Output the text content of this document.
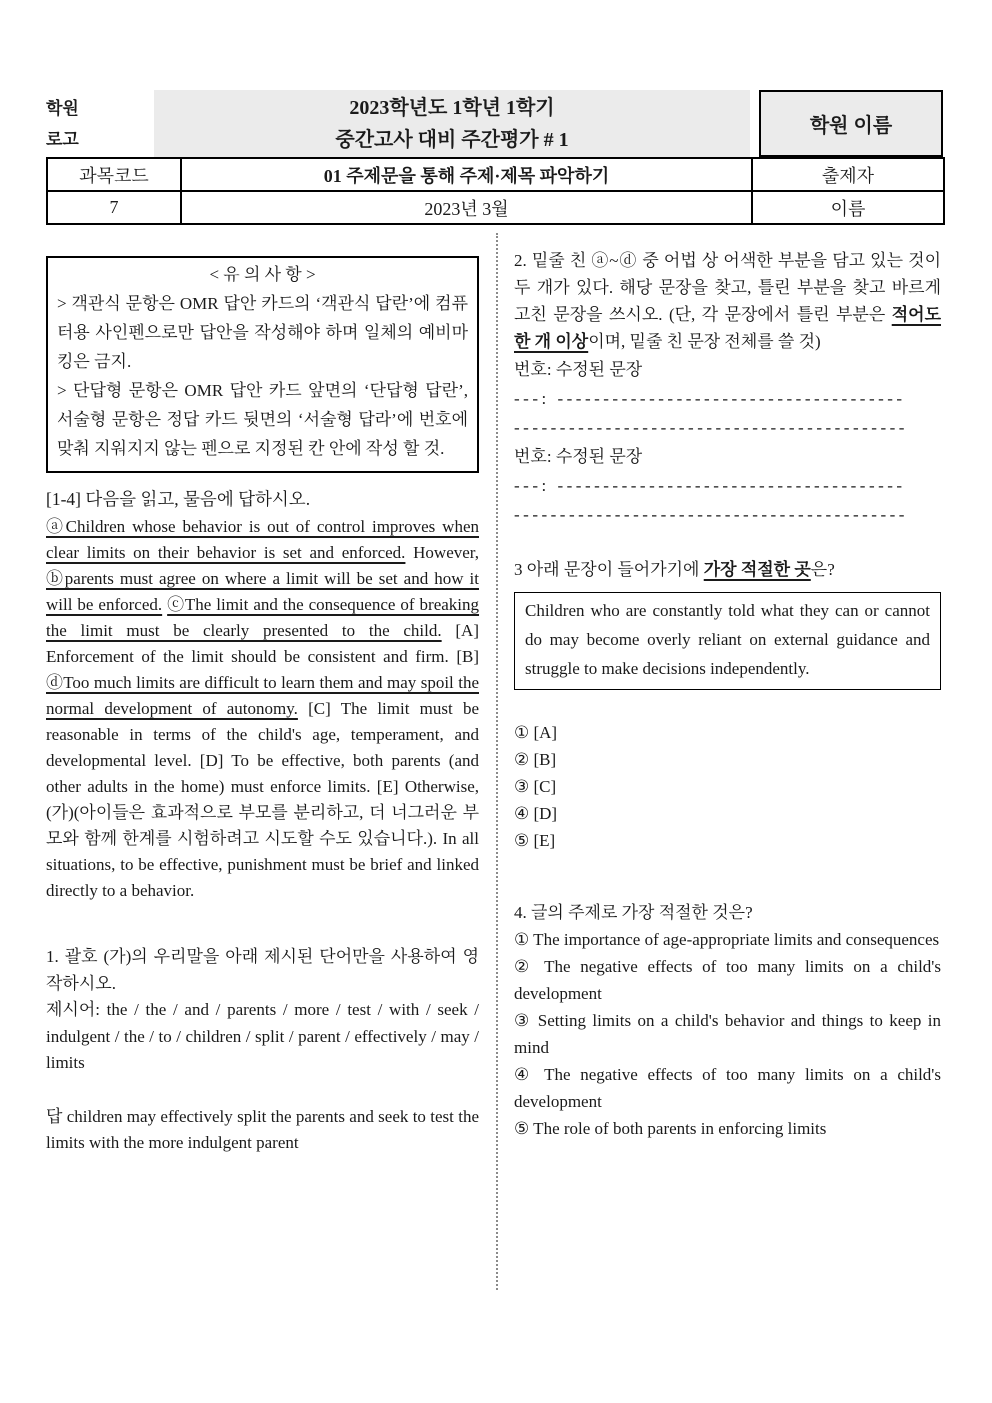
학원
로고
2023학년도 1학년 1학기
중간고사 대비 주간평가 # 1
학원 이름
과목코드	01 주제문을 통해 주제·제목 파악하기	출제자
7	2023년 3월	이름
< 유 의 사 항 >

> 객관식 문항은 OMR 답안 카드의 ‘객관식 답란’에 컴퓨터용 사인펜으로만 답안을 작성해야 하며 일체의 예비마킹은 금지.

> 단답형 문항은 OMR 답안 카드 앞면의 ‘단답형 답란’, 서술형 문항은 정답 카드 뒷면의 ‘서술형 답라’에 번호에 맞춰 지워지지 않는 펜으로 지정된 칸 안에 작성 할 것.

[1-4] 다음을 읽고, 물음에 답하시오.

ⓐChildren whose behavior is out of control improves when clear limits on their behavior is set and enforced. However, ⓑparents must agree on where a limit will be set and how it will be enforced. ⓒThe limit and the consequence of breaking the limit must be clearly presented to the child. [A] Enforcement of the limit should be consistent and firm. [B] ⓓToo much limits are difficult to learn them and may spoil the normal development of autonomy. [C] The limit must be reasonable in terms of the child's age, temperament, and developmental level. [D] To be effective, both parents (and other adults in the home) must enforce limits. [E] Otherwise, (가)(아이들은 효과적으로 부모를 분리하고, 더 너그러운 부모와 함께 한계를 시험하려고 시도할 수도 있습니다.). In all situations, to be effective, punishment must be brief and linked directly to a behavior.

1. 괄호 (가)의 우리말을 아래 제시된 단어만을 사용하여 영작하시오.

제시어: the / the / and / parents / more / test / with / seek / indulgent / the / to / children / split / parent / effectively / may / limits

답 children may effectively split the parents and seek to test the limits with the more indulgent parent

2. 밑줄 친 ⓐ~ⓓ 중 어법 상 어색한 부분을 담고 있는 것이 두 개가 있다. 해당 문장을 찾고, 틀린 부분을 찾고 바르게 고친 문장을 쓰시오. (단, 각 문장에서 틀린 부분은 적어도 한 개 이상이며, 밑줄 친 문장 전체를 쓸 것)

번호: 수정된 문장

---: --------------------------------------

-------------------------------------------

번호: 수정된 문장

---: --------------------------------------

-------------------------------------------

3 아래 문장이 들어가기에 가장 적절한 곳은?

Children who are constantly told what they can or cannot do may become overly reliant on external guidance and struggle to make decisions independently.
① [A]
② [B]
③ [C]
④ [D]
⑤ [E]

4. 글의 주제로 가장 적절한 것은?

① The importance of age-appropriate limits and consequences
② The negative effects of too many limits on a child's development
③ Setting limits on a child's behavior and things to keep in mind
④ The negative effects of too many limits on a child's development
⑤ The role of both parents in enforcing limits
